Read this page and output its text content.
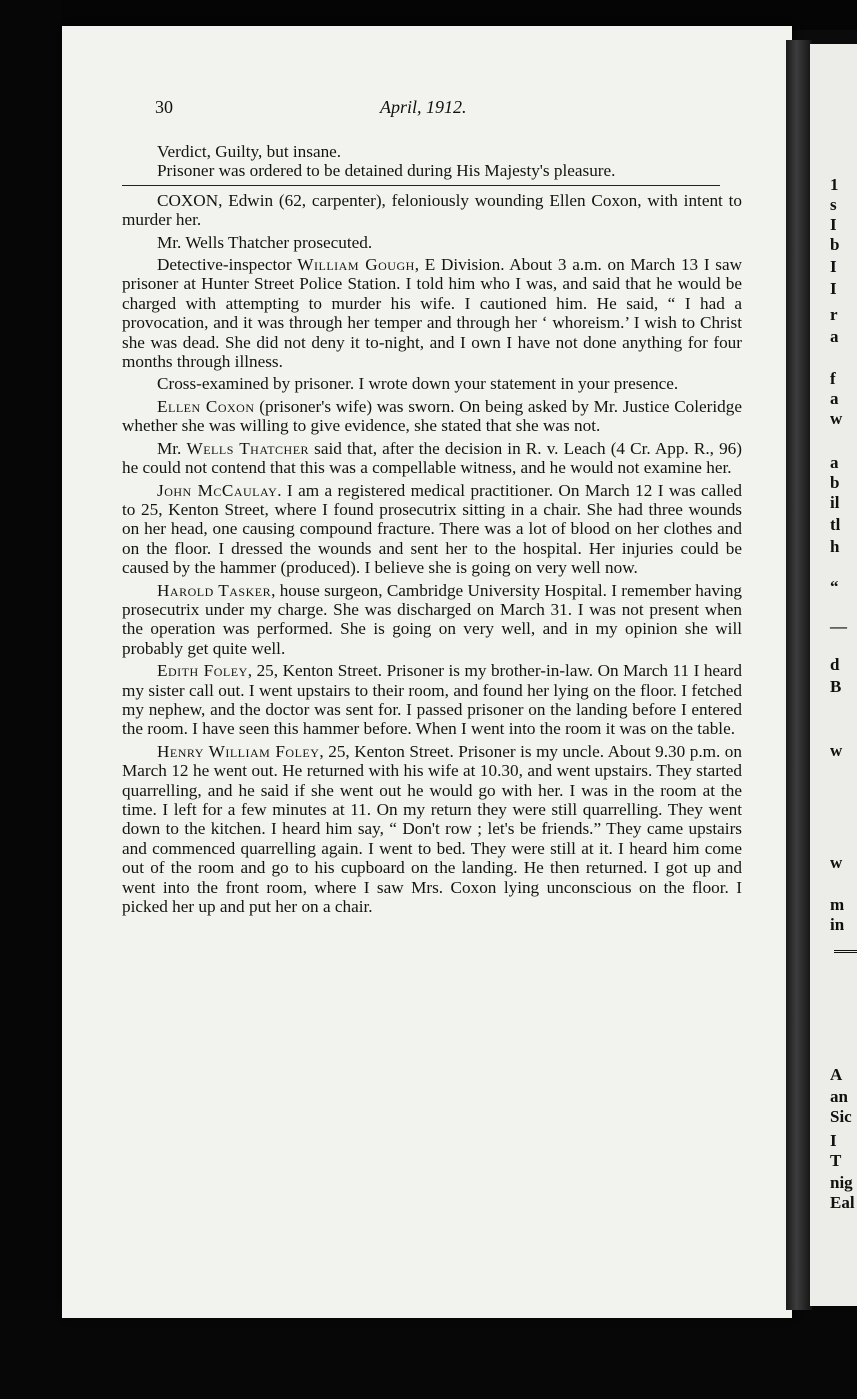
1
s
I
b
I
I
r
a
f
a
w
a
b
il
tl
h
“
—
d
B
w
w
m
in
A
an
Sic
I
T
nig
Eal
30	April, 1912.

Verdict, Guilty, but insane.

Prisoner was ordered to be detained during His Majesty's pleasure.

COXON, Edwin (62, carpenter), feloniously wounding Ellen Coxon, with intent to murder her.

Mr. Wells Thatcher prosecuted.

Detective-inspector William Gough, E Division. About 3 a.m. on March 13 I saw prisoner at Hunter Street Police Station. I told him who I was, and said that he would be charged with attempting to murder his wife. I cautioned him. He said, “ I had a provocation, and it was through her temper and through her ‘ whoreism.’ I wish to Christ she was dead. She did not deny it to-night, and I own I have not done anything for four months through illness.

Cross-examined by prisoner. I wrote down your statement in your presence.

Ellen Coxon (prisoner's wife) was sworn. On being asked by Mr. Justice Coleridge whether she was willing to give evidence, she stated that she was not.

Mr. Wells Thatcher said that, after the decision in R. v. Leach (4 Cr. App. R., 96) he could not contend that this was a compellable witness, and he would not examine her.

John McCaulay. I am a registered medical practitioner. On March 12 I was called to 25, Kenton Street, where I found prosecutrix sitting in a chair. She had three wounds on her head, one causing compound fracture. There was a lot of blood on her clothes and on the floor. I dressed the wounds and sent her to the hospital. Her injuries could be caused by the hammer (produced). I believe she is going on very well now.

Harold Tasker, house surgeon, Cambridge University Hospital. I remember having prosecutrix under my charge. She was discharged on March 31. I was not present when the operation was performed. She is going on very well, and in my opinion she will probably get quite well.

Edith Foley, 25, Kenton Street. Prisoner is my brother-in-law. On March 11 I heard my sister call out. I went upstairs to their room, and found her lying on the floor. I fetched my nephew, and the doctor was sent for. I passed prisoner on the landing before I entered the room. I have seen this hammer before. When I went into the room it was on the table.

Henry William Foley, 25, Kenton Street. Prisoner is my uncle. About 9.30 p.m. on March 12 he went out. He returned with his wife at 10.30, and went upstairs. They started quarrelling, and he said if she went out he would go with her. I was in the room at the time. I left for a few minutes at 11. On my return they were still quarrelling. They went down to the kitchen. I heard him say, “ Don't row ; let's be friends.” They came upstairs and commenced quarrelling again. I went to bed. They were still at it. I heard him come out of the room and go to his cupboard on the landing. He then returned. I got up and went into the front room, where I saw Mrs. Coxon lying unconscious on the floor. I picked her up and put her on a chair.
